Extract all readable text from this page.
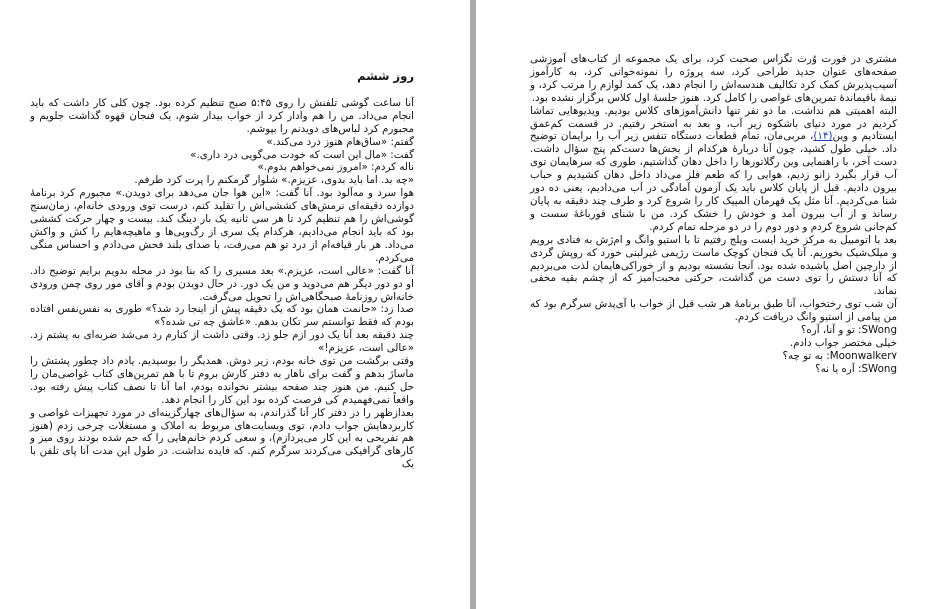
روز ششم

آنا ساعت گوشی تلفنش را روی ۵:۴۵ صبح تنظیم کرده بود. چون کلی کار داشت که باید انجام می‌داد. من را هم وادار کرد از خواب بیدار شوم، یک فنجان قهوه گذاشت جلویم و مجبورم کرد لباس‌های دویدنم را بپوشم.

گفتم: «ساق‌هام هنوز درد می‌کند.»

گفت: «مال این است که خودت می‌گویی درد داری.»

ناله کردم: «امروز نمی‌خواهم بدوم.»

«چه بد. اما باید بدوی، عزیزم.» شلوار گرمکنم را پرت کرد طرفم.

هوا سرد و مه‌آلود بود. آنا گفت: «این هوا جان می‌دهد برای دویدن.» مجبورم کرد برنامهٔ دوازده دقیقه‌ای نرمش‌های کششی‌اش را تقلید کنم، درست توی ورودی خانه‌ام، زمان‌سنج گوشی‌اش را هم تنظیم کرد تا هر سی ثانیه یک بار دینگ کند. بیست و چهار حرکت کششی بود که باید انجام می‌دادیم، هرکدام یک سری از رگ‌وپی‌ها و ماهیچه‌هایم را کش و واکش می‌داد. هر بار قیافه‌ام از درد تو هم می‌رفت، با صدای بلند فحش می‌دادم و احساس منگی می‌کردم.

آنا گفت: «عالی است، عزیزم.» بعد مسیری را که بنا بود در محله بدویم برایم توضیح داد. او دو دور دیگر هم می‌دوید و من یک دور. در حال دویدن بودم و آقای مور روی چمن ورودی خانه‌اش روزنامهٔ صبحگاهی‌اش را تحویل می‌گرفت.

صدا زد: «حانمت همان بود که یک دقیقه پیش از اینجا رد شد؟» طوری به نفس‌نفس افتاده بودم که فقط توانستم سر تکان بدهم. «عاشق چه تی شده؟»

چند دقیقه بعد آنا یک دور ازم جلو زد. وقتی داشت از کنارم رد می‌شد ضربه‌ای به پشتم زد. «عالی است، عزیزم!»

وقتی برگشت من توی خانه بودم، زیر دوش. همدیگر را بوسیدیم. یادم داد چطور پشتش را ماساژ بدهم و گفت برای ناهار به دفتر کارش بروم تا با هم تمرین‌های کتاب غواصی‌مان را حل کنیم. من هنوز چند صفحه بیشتر نخوانده بودم، اما آنا تا نصف کتاب پیش رفته بود. واقعاً نمی‌فهمیدم کی فرصت کرده بود این کار را انجام دهد.

بعدازظهر را در دفتر کار آنا گذراندم، به سؤال‌های چهارگزینه‌ای در مورد تجهیزات غواصی و کاربردهایش جواب دادم، توی وبسایت‌های مربوط به املاک و مستغلات چرخی زدم (هنوز هم تفریحی به این کار می‌پردازم)، و سعی کردم خانم‌هایی را که حم شده بودند روی میز و کارهای گرافیکی می‌کردند سرگرم کنم. که فایده نداشت. در طول این مدت آنا پای تلفن با یک

مشتری در فورت وُرث تگزاس صحبت کرد، برای یک مجموعه از کتاب‌های آموزشی صفحه‌های عنوان جدید طراحی کرد، سه پروژه را نمونه‌خوانی کرد، به کارآموز آسیب‌پذیرش کمک کرد تکالیف هندسه‌اش را انجام دهد، یک کمد لوازم را مرتب کرد، و نیمهٔ باقیماندهٔ تمرین‌های غواصی را کامل کرد. هنوز جلسهٔ اول کلاس برگزار نشده بود.

البته اهمیتی هم نداشت. ما دو نفر تنها دانش‌آموزهای کلاس بودیم. ویدیوهایی تماشا کردیم در مورد دنیای باشکوه زیر آب، و بعد به استخر رفتیم. در قسمت کم‌عمق ایستادیم و وین(۱۴)، مربی‌مان، تمام قطعات دستگاه تنفس زیر آب را برایمان توضیح داد. خیلی طول کشید، چون آنا دربارهٔ هرکدام از بخش‌ها دست‌کم پنج سؤال داشت. دست آخر، با راهنمایی وین رگلاتورها را داخل دهان گذاشتیم، طوری که سرهایمان توی آب قرار بگیرد زانو زدیم، هوایی را که طعم فلز می‌داد داخل دهان کشیدیم و حباب بیرون دادیم. قبل از پایان کلاس باید یک آزمون آمادگی در آب می‌دادیم، یعنی ده دور شنا می‌کردیم. آنا مثل یک قهرمان المپیک کار را شروع کرد و طرف چند دقیقه به پایان رساند و از آب بیرون آمد و خودش را خشک کرد. من با شنای قورباغهٔ سست و کم‌جانی شروع کردم و دور دوم را در دو مرحله تمام کردم.

بعد با اتومبیل به مرکز خرید ایست ویلج رفتیم تا با استیو وانگ و ام‌ژش به فنادی برویم و میلک‌شیک بخوریم. آنا یک فنجان کوچک ماست رژیمی غیرلبنی خورد که روپش گردی از دارچین اصل پاشیده شده بود. آنجا نشسته بودیم و از خوراکی‌هایمان لذت می‌بردیم که آنا دستش را توی دست من گذاشت، حرکتی محبت‌آمیز که از چشم بقیه مخفی نماند.

آن شب توی رختخواب، آنا طبق برنامهٔ هر شب قبل از خواب با آی‌پدش سرگرم بود که من پیامی از استیو وانگ دریافت کردم.

SWong: تو و آنا، آره؟

خیلی مختصر جواب دادم.

Moonwalker۷: به تو چه؟

SWong: آره یا نه؟
